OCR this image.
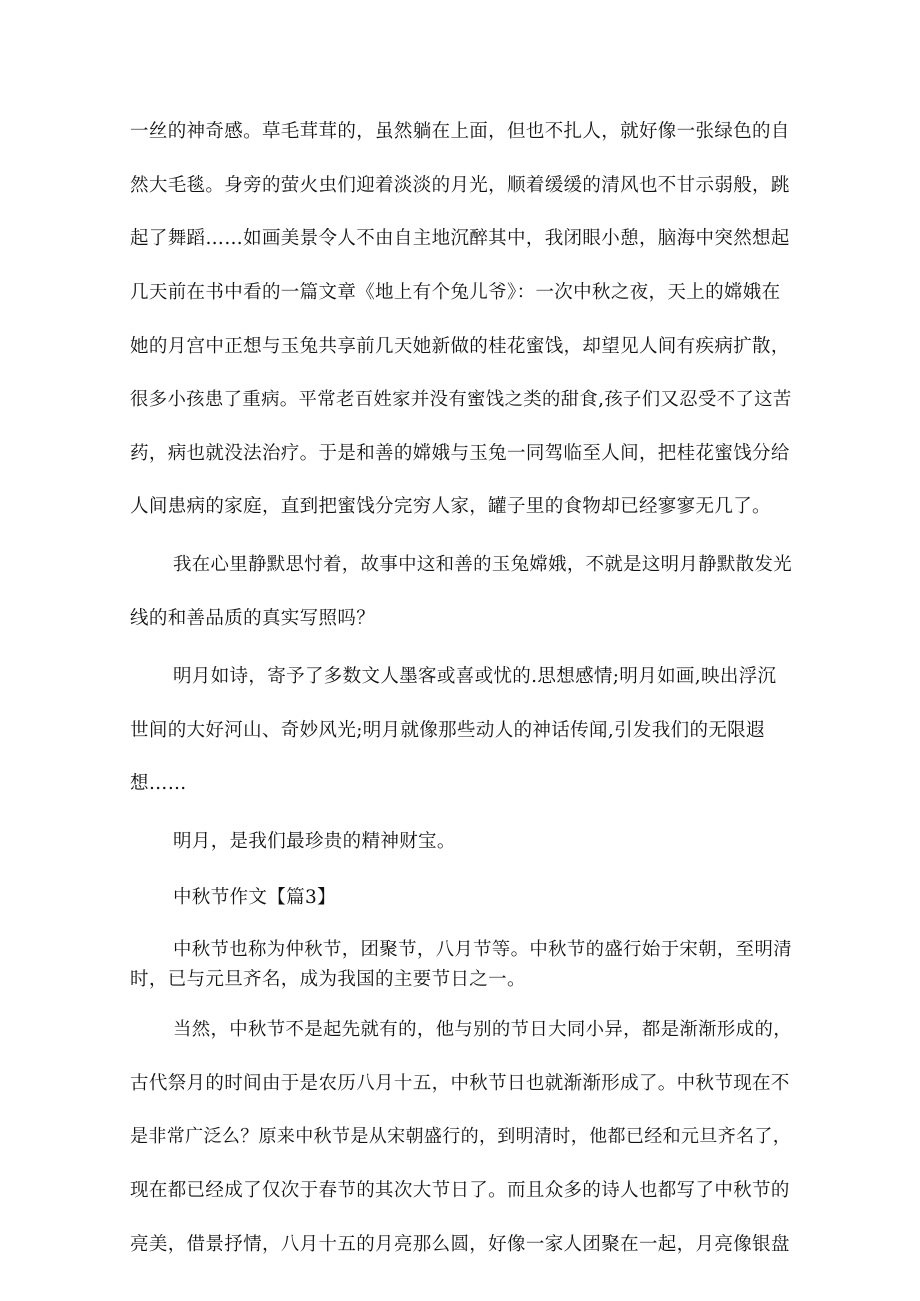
一丝的神奇感。草毛茸茸的，虽然躺在上面，但也不扎人，就好像一张绿色的自
然大毛毯。身旁的萤火虫们迎着淡淡的月光，顺着缓缓的清风也不甘示弱般，跳
起了舞蹈……如画美景令人不由自主地沉醉其中，我闭眼小憩，脑海中突然想起
几天前在书中看的一篇文章《地上有个兔儿爷》：一次中秋之夜，天上的嫦娥在
她的月宫中正想与玉兔共享前几天她新做的桂花蜜饯，却望见人间有疾病扩散，
很多小孩患了重病。平常老百姓家并没有蜜饯之类的甜食,孩子们又忍受不了这苦
药，病也就没法治疗。于是和善的嫦娥与玉兔一同驾临至人间，把桂花蜜饯分给
人间患病的家庭，直到把蜜饯分完穷人家，罐子里的食物却已经寥寥无几了。
我在心里静默思忖着，故事中这和善的玉兔嫦娥，不就是这明月静默散发光
线的和善品质的真实写照吗？
明月如诗，寄予了多数文人墨客或喜或忧的.思想感情;明月如画,映出浮沉
世间的大好河山、奇妙风光;明月就像那些动人的神话传闻,引发我们的无限遐
想……
明月，是我们最珍贵的精神财宝。
中秋节作文【篇3】
中秋节也称为仲秋节，团聚节，八月节等。中秋节的盛行始于宋朝，至明清
时，已与元旦齐名，成为我国的主要节日之一。
当然，中秋节不是起先就有的，他与别的节日大同小异，都是渐渐形成的，
古代祭月的时间由于是农历八月十五，中秋节日也就渐渐形成了。中秋节现在不
是非常广泛么？原来中秋节是从宋朝盛行的，到明清时，他都已经和元旦齐名了，
现在都已经成了仅次于春节的其次大节日了。而且众多的诗人也都写了中秋节的
亮美，借景抒情，八月十五的月亮那么圆，好像一家人团聚在一起，月亮像银盘
